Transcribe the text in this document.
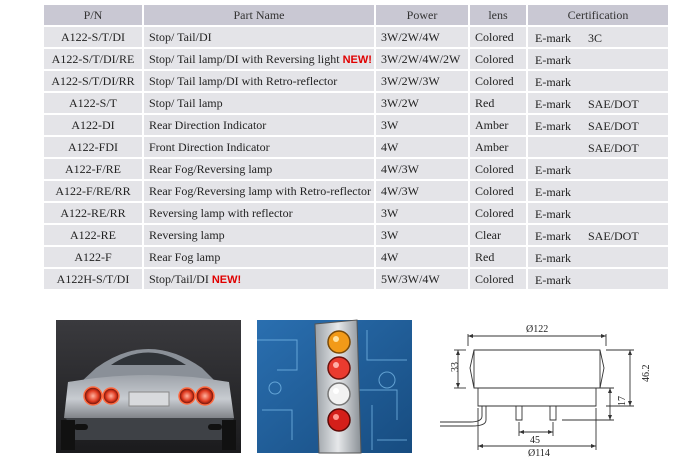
P/N	Part Name	Power	lens	Certification
A122-S/T/DI	Stop/ Tail/DI	3W/2W/4W	Colored	E-mark 3C

A122-S/T/DI/RE	Stop/ Tail lamp/DI with Reversing light NEW!	3W/2W/4W/2W	Colored	E-mark

A122-S/T/DI/RR	Stop/ Tail lamp/DI with Retro-reflector	3W/2W/3W	Colored	E-mark

A122-S/T	Stop/ Tail lamp	3W/2W	Red	E-mark SAE/DOT

A122-DI	Rear Direction Indicator	3W	Amber	E-mark SAE/DOT

A122-FDI	Front Direction Indicator	4W	Amber	SAE/DOT

A122-F/RE	Rear Fog/Reversing lamp	4W/3W	Colored	E-mark

A122-F/RE/RR	Rear Fog/Reversing lamp with Retro-reflector	4W/3W	Colored	E-mark

A122-RE/RR	Reversing lamp with reflector	3W	Colored	E-mark

A122-RE	Reversing lamp	3W	Clear	E-mark SAE/DOT

A122-F	Rear Fog lamp	4W	Red	E-mark

A122H-S/T/DI	Stop/Tail/DI NEW!	5W/3W/4W	Colored	E-mark
Ø122
33	46.2
17
45
Ø114
